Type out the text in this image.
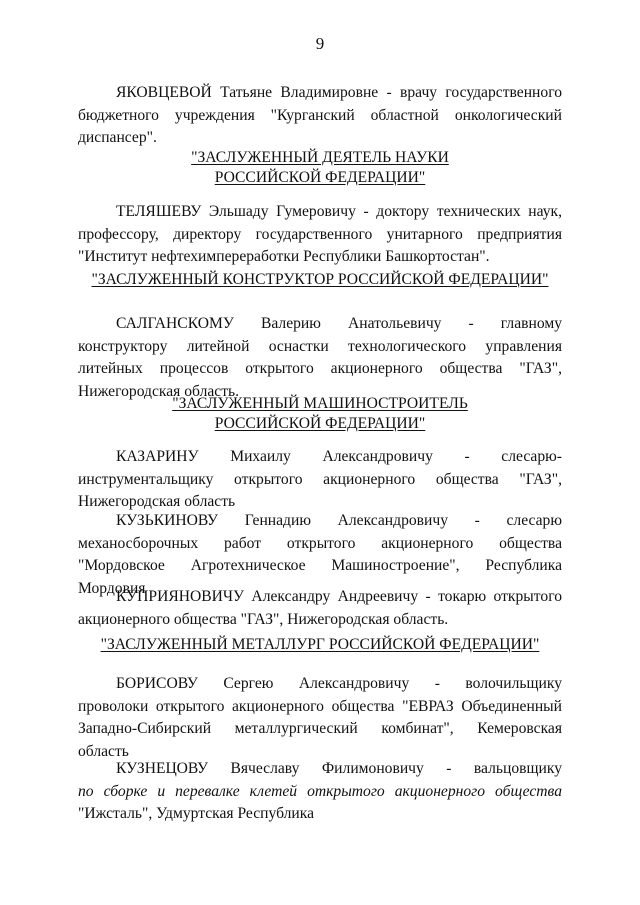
9
ЯКОВЦЕВОЙ Татьяне Владимировне - врачу государственного
бюджетного учреждения "Курганский областной онкологический
диспансер".
"ЗАСЛУЖЕННЫЙ ДЕЯТЕЛЬ НАУКИ
РОССИЙСКОЙ ФЕДЕРАЦИИ"
ТЕЛЯШЕВУ Эльшаду Гумеровичу - доктору технических наук,
профессору, директору государственного унитарного предприятия
"Институт нефтехимпереработки Республики Башкортостан".
"ЗАСЛУЖЕННЫЙ КОНСТРУКТОР РОССИЙСКОЙ ФЕДЕРАЦИИ"
САЛГАНСКОМУ Валерию Анатольевичу - главному
конструктору литейной оснастки технологического управления
литейных процессов открытого акционерного общества "ГАЗ",
Нижегородская область.
"ЗАСЛУЖЕННЫЙ МАШИНОСТРОИТЕЛЬ
РОССИЙСКОЙ ФЕДЕРАЦИИ"
КАЗАРИНУ Михаилу Александровичу - слесарю-
инструментальщику открытого акционерного общества "ГАЗ",
Нижегородская область
КУЗЬКИНОВУ Геннадию Александровичу - слесарю
механосборочных работ открытого акционерного общества
"Мордовское Агротехническое Машиностроение", Республика
Мордовия
КУПРИЯНОВИЧУ Александру Андреевичу - токарю открытого
акционерного общества "ГАЗ", Нижегородская область.
"ЗАСЛУЖЕННЫЙ МЕТАЛЛУРГ РОССИЙСКОЙ ФЕДЕРАЦИИ"
БОРИСОВУ Сергею Александровичу - волочильщику
проволоки открытого акционерного общества "ЕВРАЗ Объединенный
Западно-Сибирский металлургический комбинат", Кемеровская
область
КУЗНЕЦОВУ Вячеславу Филимоновичу - вальцовщику
по сборке и перевалке клетей открытого акционерного общества
"Ижсталь", Удмуртская Республика
